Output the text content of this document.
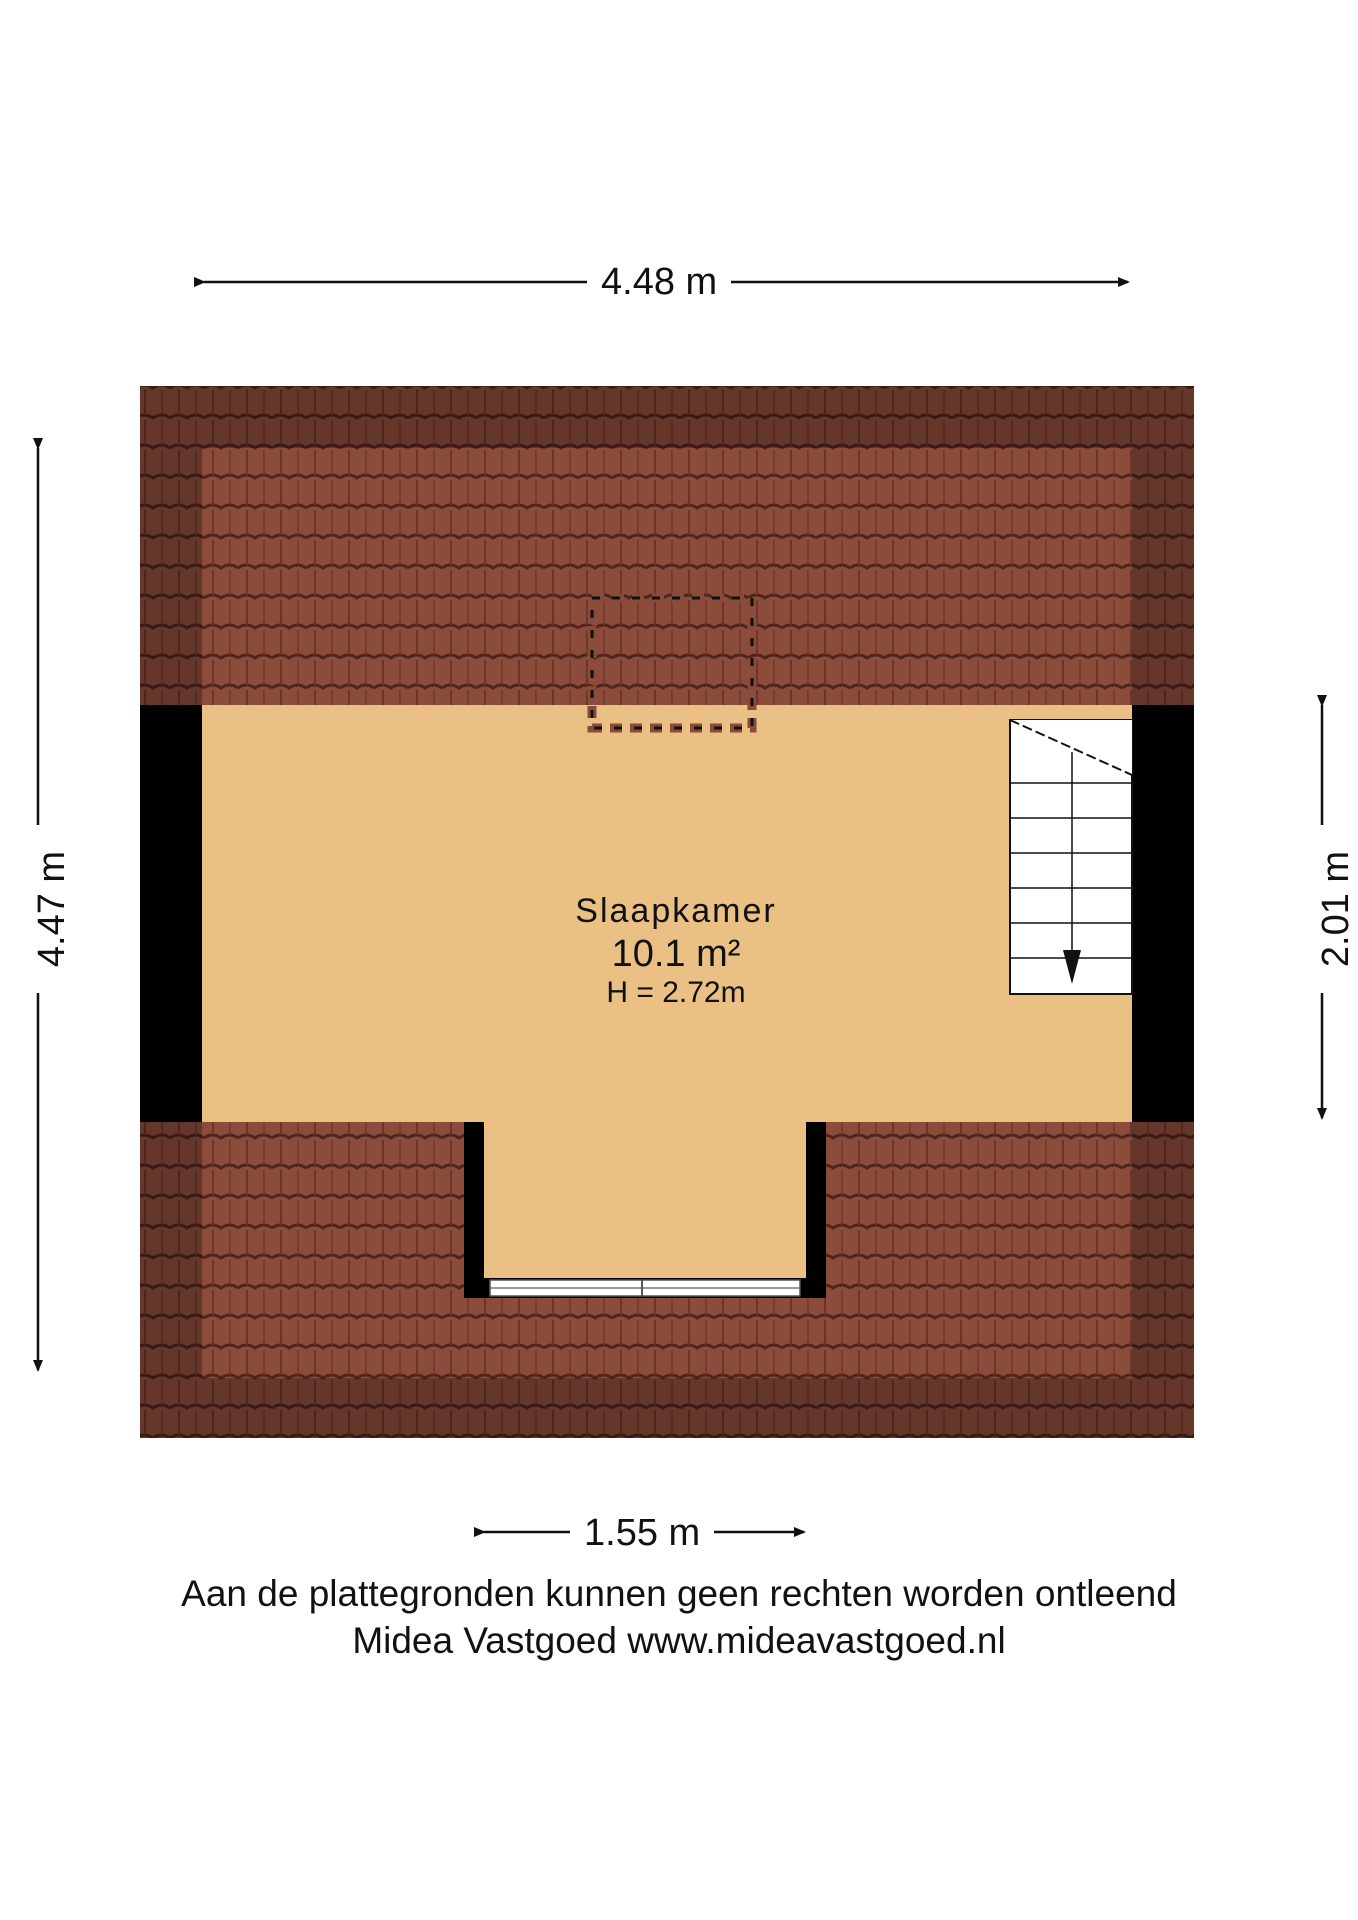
4.48 m
4.47 m	2.01 m
1.55 m
Slaapkamer
10.1 m²
H = 2.72m
Aan de plattegronden kunnen geen rechten worden ontleend
Midea Vastgoed www.mideavastgoed.nl
